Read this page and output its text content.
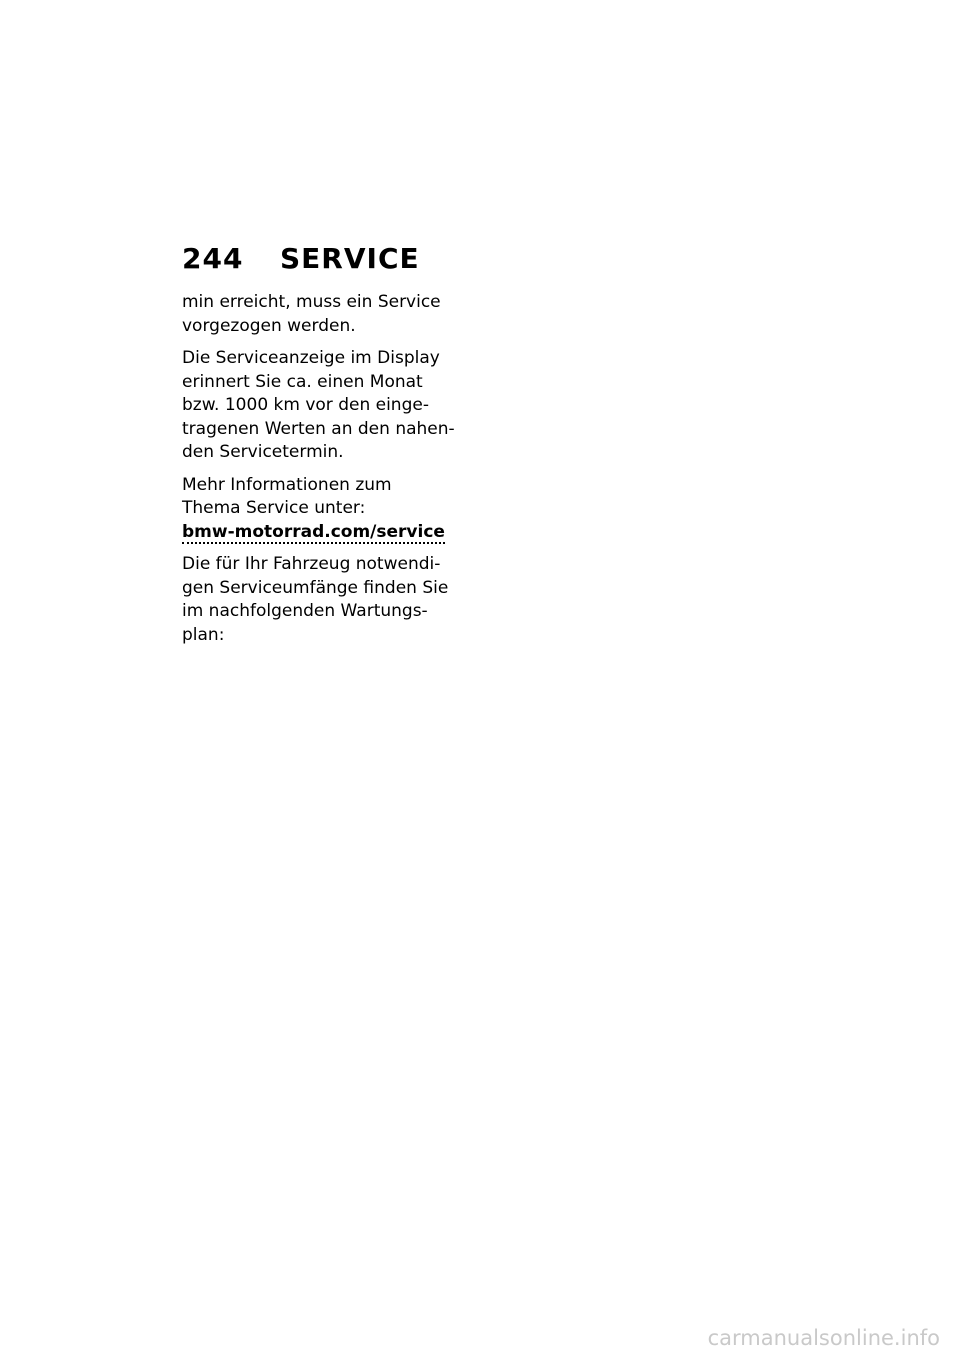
244 SERVICE

min erreicht, muss ein Service
vorgezogen werden.

Die Serviceanzeige im Display
erinnert Sie ca. einen Monat
bzw. 1000 km vor den einge-
tragenen Werten an den nahen-
den Servicetermin.

Mehr Informationen zum
Thema Service unter:
bmw-motorrad.com/service

Die für Ihr Fahrzeug notwendi-
gen Serviceumfänge finden Sie
im nachfolgenden Wartungs-
plan:

carmanualsonline.info
